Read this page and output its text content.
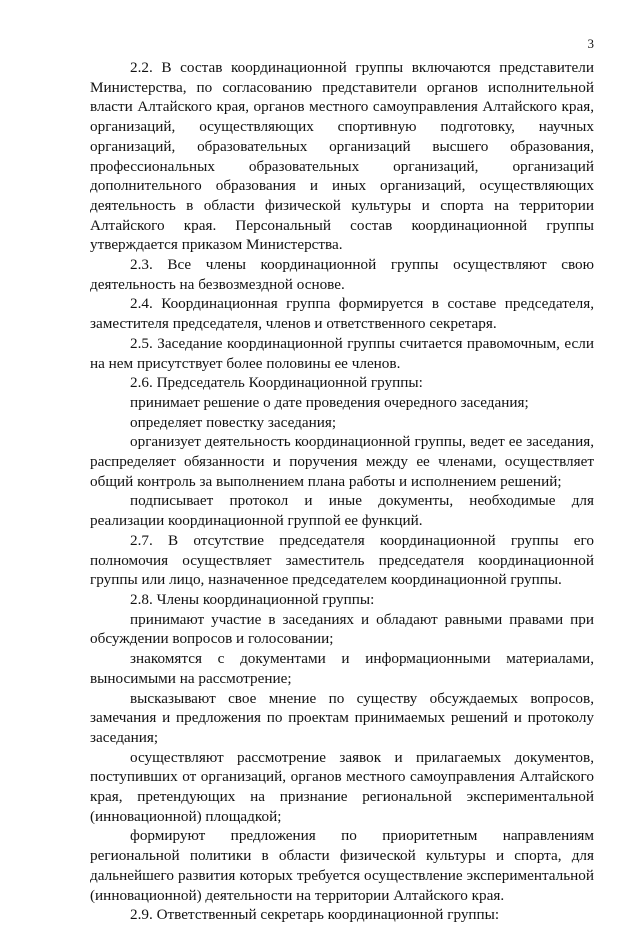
3

2.2. В состав координационной группы включаются представители Министерства, по согласованию представители органов исполнительной власти Алтайского края, органов местного самоуправления Алтайского края, организаций, осуществляющих спортивную подготовку, научных организаций, образовательных организаций высшего образования, профессиональных образовательных организаций, организаций дополнительного образования и иных организаций, осуществляющих деятельность в области физической культуры и спорта на территории Алтайского края. Персональный состав координационной группы утверждается приказом Министерства.

2.3. Все члены координационной группы осуществляют свою деятельность на безвозмездной основе.

2.4. Координационная группа формируется в составе председателя, заместителя председателя, членов и ответственного секретаря.

2.5. Заседание координационной группы считается правомочным, если на нем присутствует более половины ее членов.

2.6. Председатель Координационной группы:

принимает решение о дате проведения очередного заседания;

определяет повестку заседания;

организует деятельность координационной группы, ведет ее заседания, распределяет обязанности и поручения между ее членами, осуществляет общий контроль за выполнением плана работы и исполнением решений;

подписывает протокол и иные документы, необходимые для реализации координационной группой ее функций.

2.7. В отсутствие председателя координационной группы его полномочия осуществляет заместитель председателя координационной группы или лицо, назначенное председателем координационной группы.

2.8. Члены координационной группы:

принимают участие в заседаниях и обладают равными правами при обсуждении вопросов и голосовании;

знакомятся с документами и информационными материалами, выносимыми на рассмотрение;

высказывают свое мнение по существу обсуждаемых вопросов, замечания и предложения по проектам принимаемых решений и протоколу заседания;

осуществляют рассмотрение заявок и прилагаемых документов, поступивших от организаций, органов местного самоуправления Алтайского края, претендующих на признание региональной экспериментальной (инновационной) площадкой;

формируют предложения по приоритетным направлениям региональной политики в области физической культуры и спорта, для дальнейшего развития которых требуется осуществление экспериментальной (инновационной) деятельности на территории Алтайского края.

2.9. Ответственный секретарь координационной группы:
